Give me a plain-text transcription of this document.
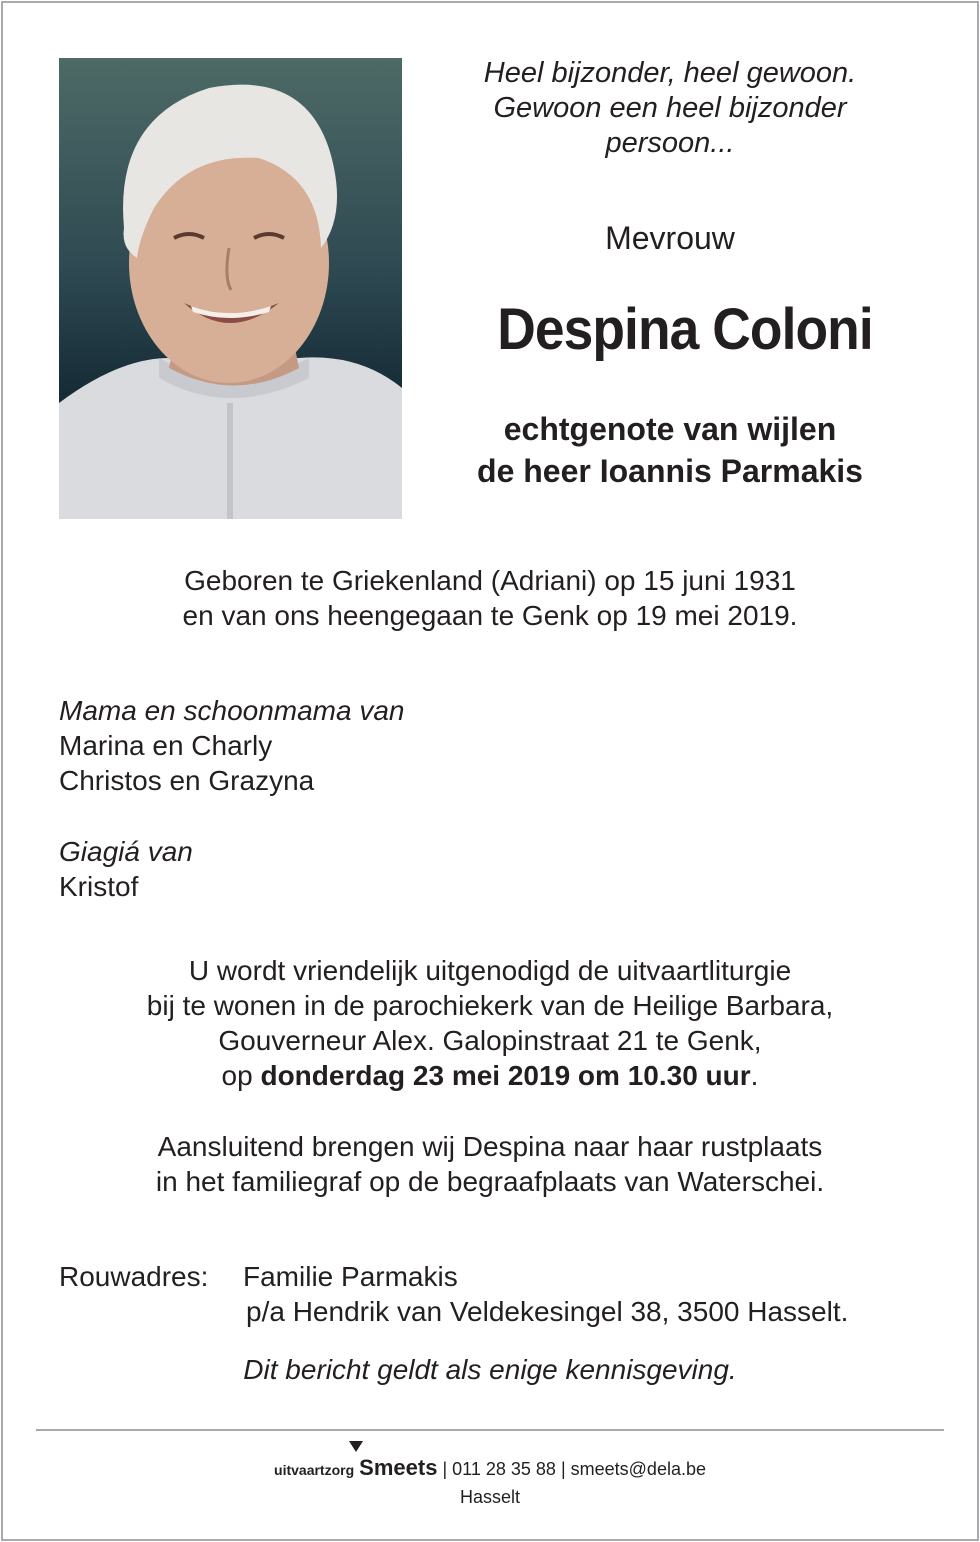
Heel bijzonder, heel gewoon.
Gewoon een heel bijzonder
persoon...
Mevrouw
Despina Coloni
echtgenote van wijlen
de heer Ioannis Parmakis
Geboren te Griekenland (Adriani) op 15 juni 1931
en van ons heengegaan te Genk op 19 mei 2019.
Mama en schoonmama van
Marina en Charly
Christos en Grazyna
Giagiá van
Kristof
U wordt vriendelijk uitgenodigd de uitvaartliturgie
bij te wonen in de parochiekerk van de Heilige Barbara,
Gouverneur Alex. Galopinstraat 21 te Genk,
op donderdag 23 mei 2019 om 10.30 uur.
Aansluitend brengen wij Despina naar haar rustplaats
in het familiegraf op de begraafplaats van Waterschei.
Rouwadres: Familie Parmakis
p/a Hendrik van Veldekesingel 38, 3500 Hasselt.
Dit bericht geldt als enige kennisgeving.
uitvaartzorg Smeets | 011 28 35 88 | smeets@dela.be
Hasselt
